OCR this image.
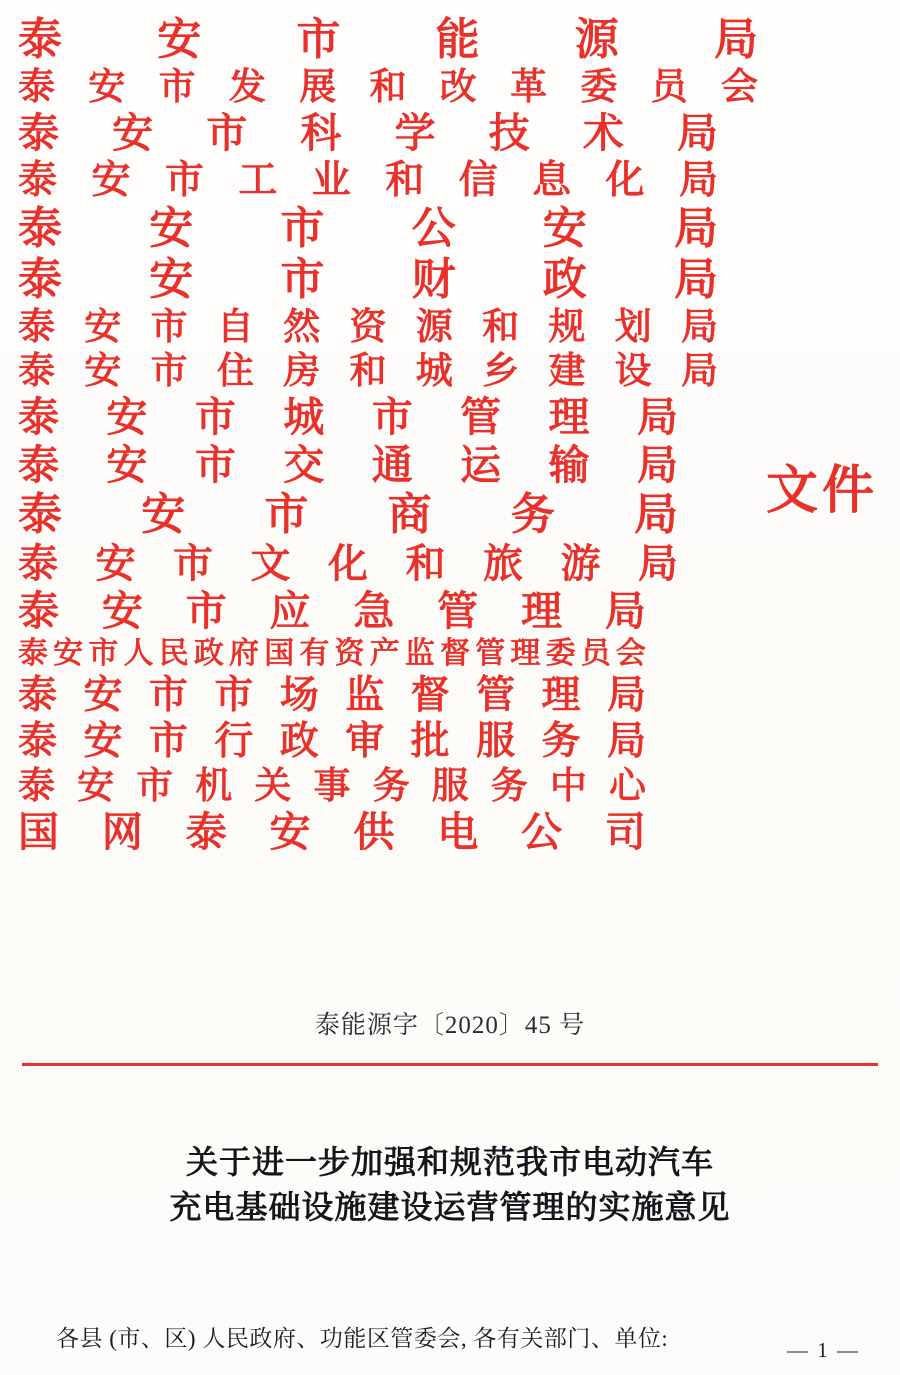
泰 安 市 能 源 局
泰 安 市 发 展 和 改 革 委 员 会
泰 安 市 科 学 技 术 局
泰 安 市 工 业 和 信 息 化 局
泰 安 市 公 安 局
泰 安 市 财 政 局
泰 安 市 自 然 资 源 和 规 划 局
泰 安 市 住 房 和 城 乡 建 设 局
泰 安 市 城 市 管 理 局
泰 安 市 交 通 运 输 局
泰 安 市 商 务 局
泰 安 市 文 化 和 旅 游 局
泰 安 市 应 急 管 理 局
泰 安 市 人 民 政 府 国 有 资 产 监 督 管 理 委 员 会
泰 安 市 市 场 监 督 管 理 局
泰 安 市 行 政 审 批 服 务 局
泰 安 市 机 关 事 务 服 务 中 心
国 网 泰 安 供 电 公 司
文件
泰能源字〔2020〕45 号
关于进一步加强和规范我市电动汽车
充电基础设施建设运营管理的实施意见
各县 (市、区) 人民政府、功能区管委会, 各有关部门、单位:	— 1 —
